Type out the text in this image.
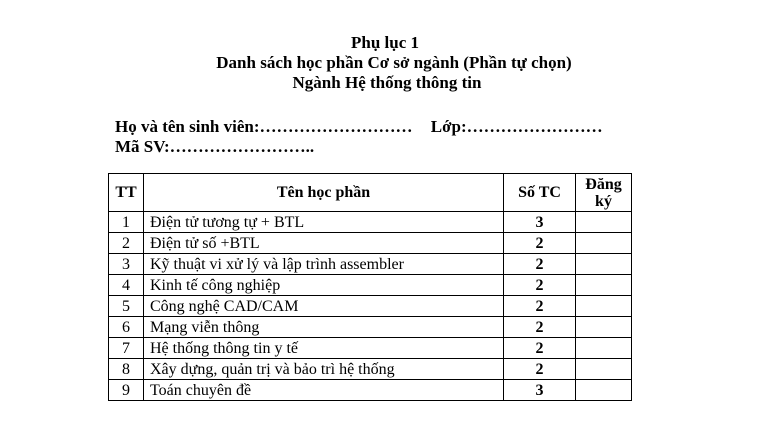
Phụ lục 1
Danh sách học phần Cơ sở ngành (Phần tự chọn)
Ngành Hệ thống thông tin
Họ và tên sinh viên:……………………… Lớp:……………………
Mã SV:……………………..
TT	Tên học phần	Số TC	Đăng ký
1	Điện tử tương tự + BTL	3	
2	Điện tử số +BTL	2	
3	Kỹ thuật vi xử lý và lập trình assembler	2	
4	Kinh tế công nghiệp	2	
5	Công nghệ CAD/CAM	2	
6	Mạng viễn thông	2	
7	Hệ thống thông tin y tế	2	
8	Xây dựng, quản trị và bảo trì hệ thống	2	
9	Toán chuyên đề	3	
